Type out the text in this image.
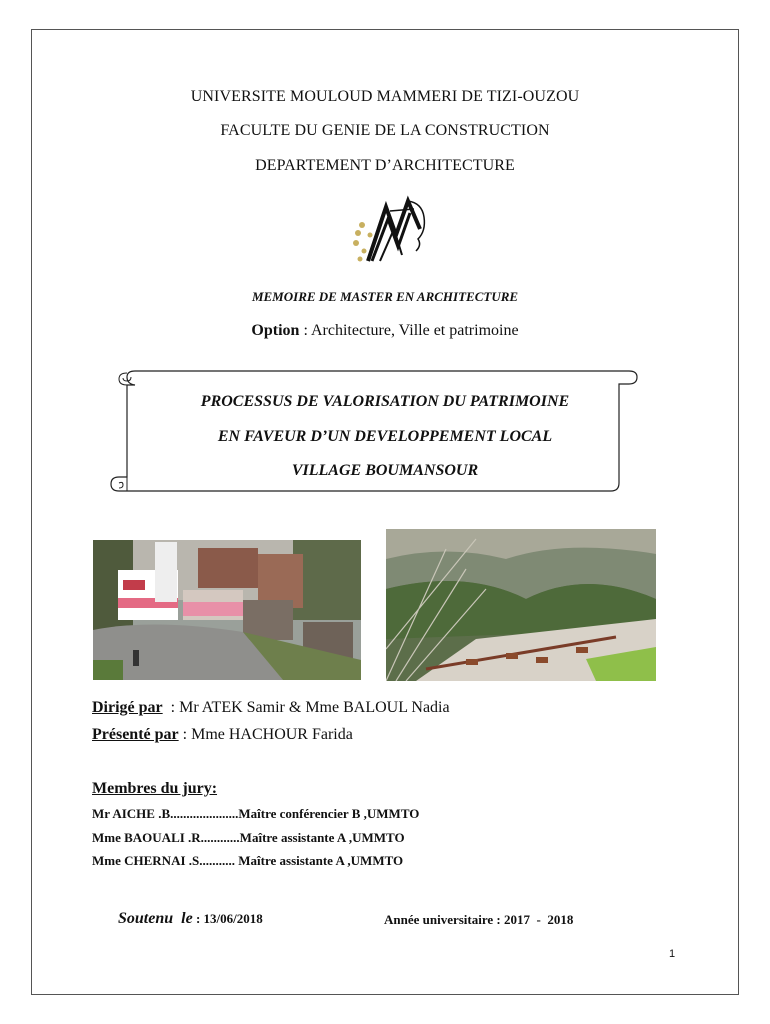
UNIVERSITE MOULOUD MAMMERI DE TIZI-OUZOU
FACULTE DU GENIE DE LA CONSTRUCTION
DEPARTEMENT D’ARCHITECTURE
MEMOIRE DE MASTER EN ARCHITECTURE
Option : Architecture, Ville et patrimoine
PROCESSUS DE VALORISATION DU PATRIMOINE
EN FAVEUR D’UN DEVELOPPEMENT LOCAL
VILLAGE BOUMANSOUR
Dirigé par  : Mr ATEK Samir & Mme BALOUL Nadia
Présenté par : Mme HACHOUR Farida
Membres du jury:
Mr AICHE .B.....................Maître conférencier B ,UMMTO
Mme BAOUALI .R............Maître assistante A ,UMMTO
Mme CHERNAI .S........... Maître assistante A ,UMMTO
Soutenu  le : 13/06/2018	Année universitaire : 2017  -  2018
1
